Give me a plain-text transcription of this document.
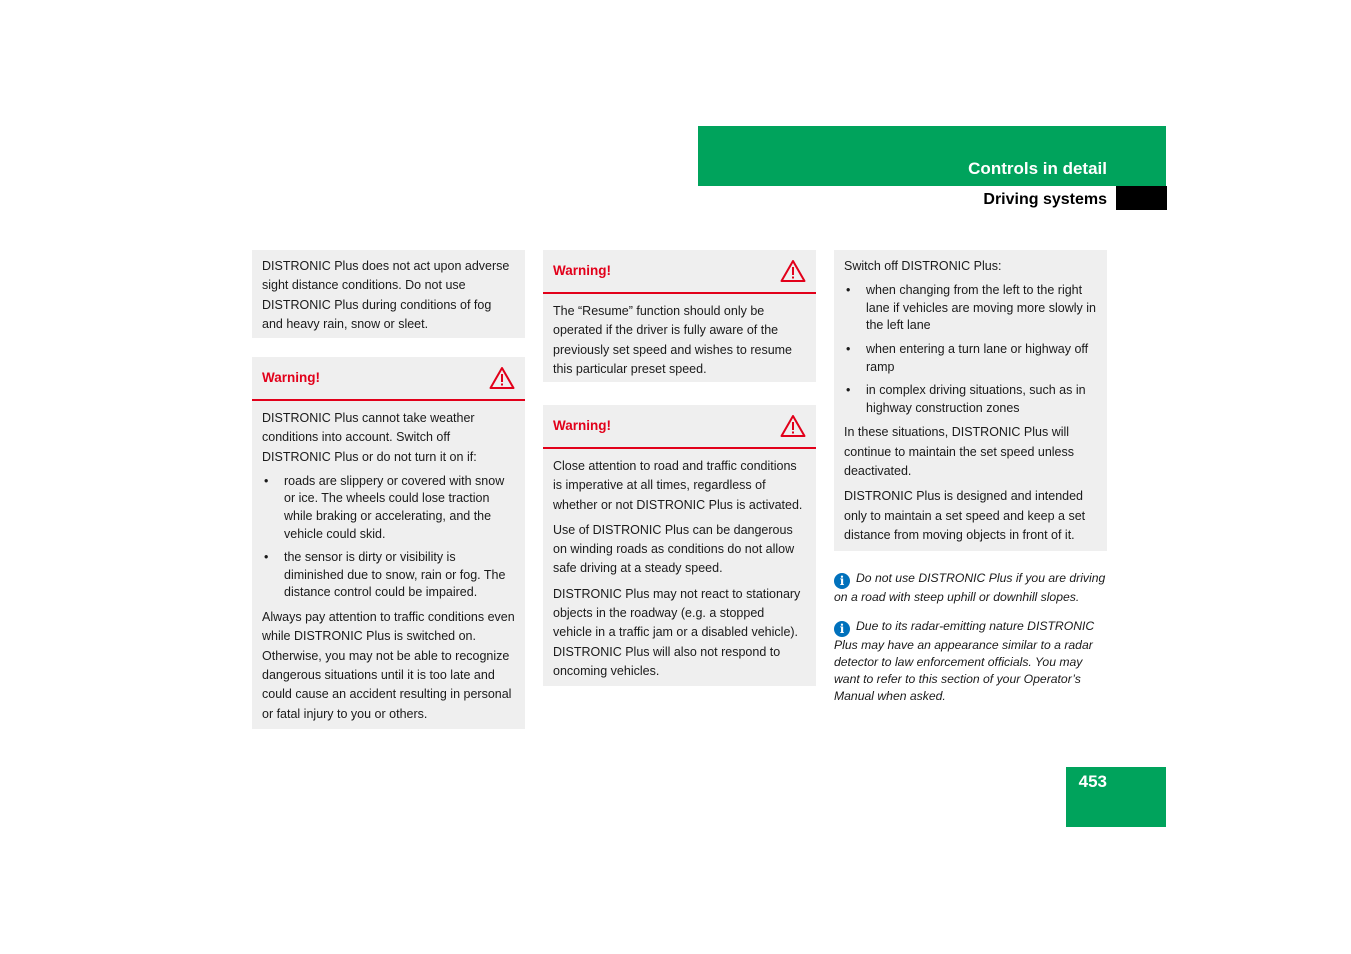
Controls in detail
Driving systems

DISTRONIC Plus does not act upon adverse sight distance conditions. Do not use DISTRONIC Plus during conditions of fog and heavy rain, snow or sleet.

Warning!

DISTRONIC Plus cannot take weather conditions into account. Switch off DISTRONIC Plus or do not turn it on if:

• roads are slippery or covered with snow or ice. The wheels could lose traction while braking or accelerating, and the vehicle could skid.
• the sensor is dirty or visibility is diminished due to snow, rain or fog. The distance control could be impaired.

Always pay attention to traffic conditions even while DISTRONIC Plus is switched on. Otherwise, you may not be able to recognize dangerous situations until it is too late and could cause an accident resulting in personal or fatal injury to you or others.

Warning!

The “Resume” function should only be operated if the driver is fully aware of the previously set speed and wishes to resume this particular preset speed.

Warning!

Close attention to road and traffic conditions is imperative at all times, regardless of whether or not DISTRONIC Plus is activated.

Use of DISTRONIC Plus can be dangerous on winding roads as conditions do not allow safe driving at a steady speed.

DISTRONIC Plus may not react to stationary objects in the roadway (e.g. a stopped vehicle in a traffic jam or a disabled vehicle). DISTRONIC Plus will also not respond to oncoming vehicles.

Switch off DISTRONIC Plus:

• when changing from the left to the right lane if vehicles are moving more slowly in the left lane
• when entering a turn lane or highway off ramp
• in complex driving situations, such as in highway construction zones

In these situations, DISTRONIC Plus will continue to maintain the set speed unless deactivated.

DISTRONIC Plus is designed and intended only to maintain a set speed and keep a set distance from moving objects in front of it.

i Do not use DISTRONIC Plus if you are driving on a road with steep uphill or downhill slopes.
i Due to its radar-emitting nature DISTRONIC Plus may have an appearance similar to a radar detector to law enforcement officials. You may want to refer to this section of your Operator’s Manual when asked.
453
